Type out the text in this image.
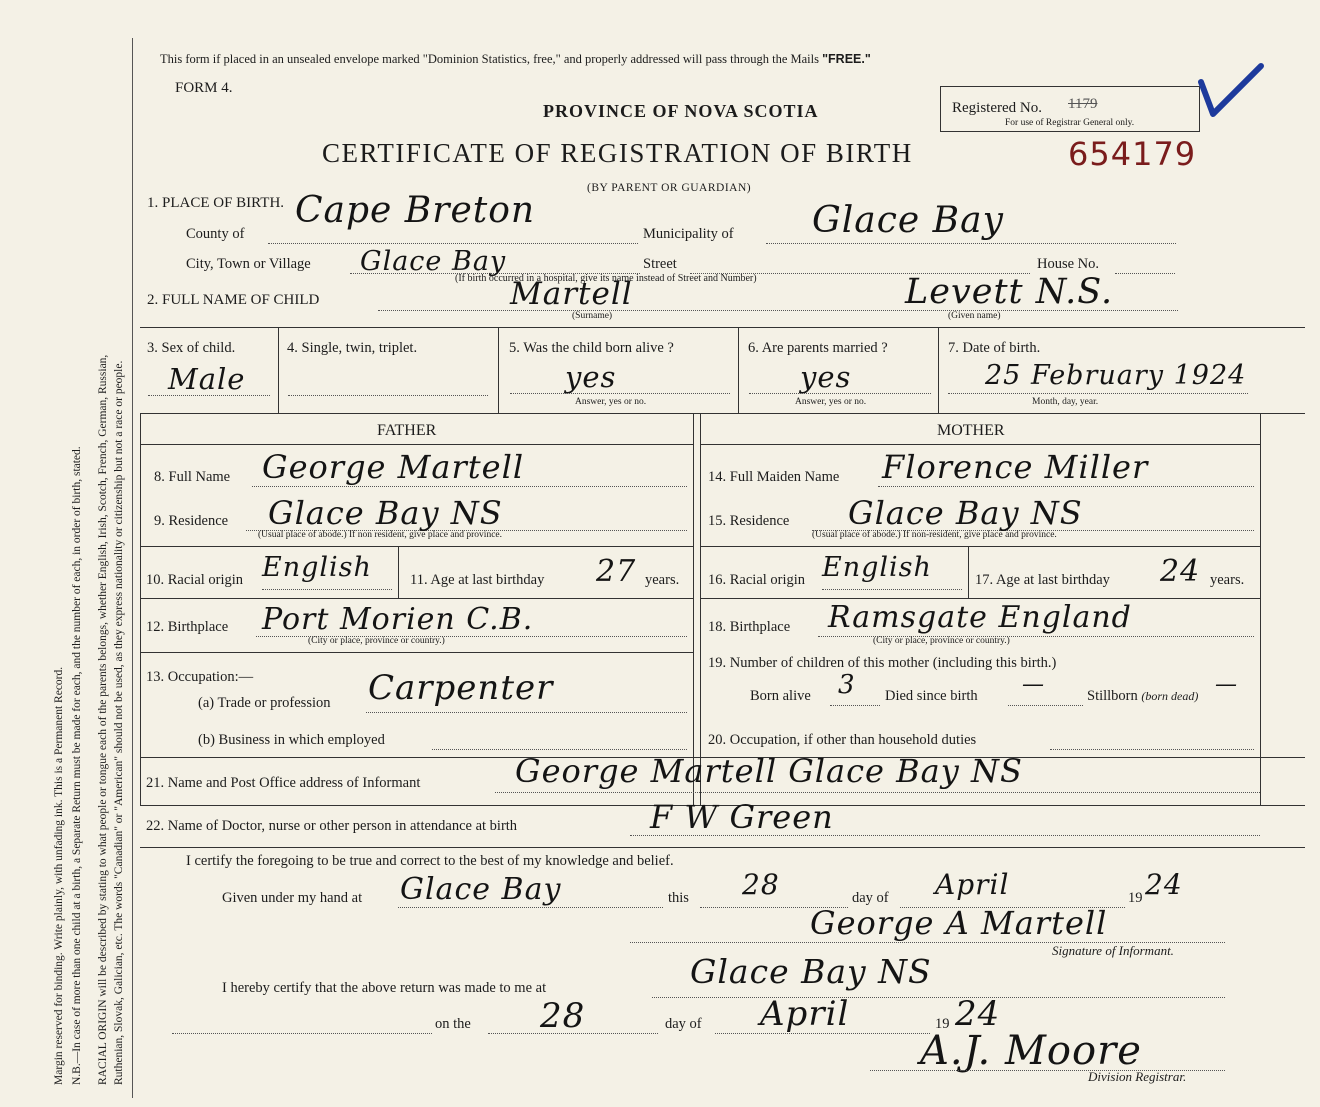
Margin reserved for binding. Write plainly, with unfading ink. This is a Permanent Record. N.B.—In case of more than one child at a birth, a Separate Return must be made for each, and the number of each, in order of birth, stated. RACIAL ORIGIN will be described by stating to what people or tongue each of the parents belongs, whether English, Irish, Scotch, French, German, Russian, Ruthenian, Slovak, Galician, etc. The words "Canadian" or "American" should not be used, as they express nationality or citizenship but not a race or people.
This form if placed in an unsealed envelope marked "Dominion Statistics, free," and properly addressed will pass through the Mails "FREE."
FORM 4.
PROVINCE OF NOVA SCOTIA	Registered No. 1179
For use of Registrar General only.
CERTIFICATE OF REGISTRATION OF BIRTH	654179
(BY PARENT OR GUARDIAN)
1. PLACE OF BIRTH.
County of
Cape Breton
Municipality of Glace Bay
City, Town or Village Glace Bay	Street	House No.
(If birth occurred in a hospital, give its name instead of Street and Number)
2. FULL NAME OF CHILD	Martell
(Surname)
Levett N.S.
(Given name)
3. Sex of child.
Male
4. Single, twin, triplet.	5. Was the child born alive ?
yes
Answer, yes or no.
6. Are parents married ?
yes
Answer, yes or no.
7. Date of birth.
25 February 1924
Month, day, year.
FATHER	MOTHER
8. Full Name George Martell
9. Residence Glace Bay NS
(Usual place of abode.) If non resident, give place and province.
10. Racial origin English	11. Age at last birthday 27 years.
12. Birthplace Port Morien C.B.
(City or place, province or country.)
13. Occupation:—
(a) Trade or profession Carpenter
(b) Business in which employed
14. Full Maiden Name Florence Miller
15. Residence Glace Bay NS
(Usual place of abode.) If non-resident, give place and province.
16. Racial origin English	17. Age at last birthday 24 years.
18. Birthplace Ramsgate England
(City or place, province or country.)
19. Number of children of this mother (including this birth.)
Born alive 3 Died since birth —	Stillborn (born dead) —
20. Occupation, if other than household duties
21. Name and Post Office address of Informant	George Martell Glace Bay NS
22. Name of Doctor, nurse or other person in attendance at birth	F W Green
I certify the foregoing to be true and correct to the best of my knowledge and belief.
Given under my hand at Glace Bay	this 28	day of April	19 24
George A Martell
Signature of Informant.
I hereby certify that the above return was made to me at	Glace Bay NS
on the 28	day of April	19 24
A.J. Moore
Division Registrar.
